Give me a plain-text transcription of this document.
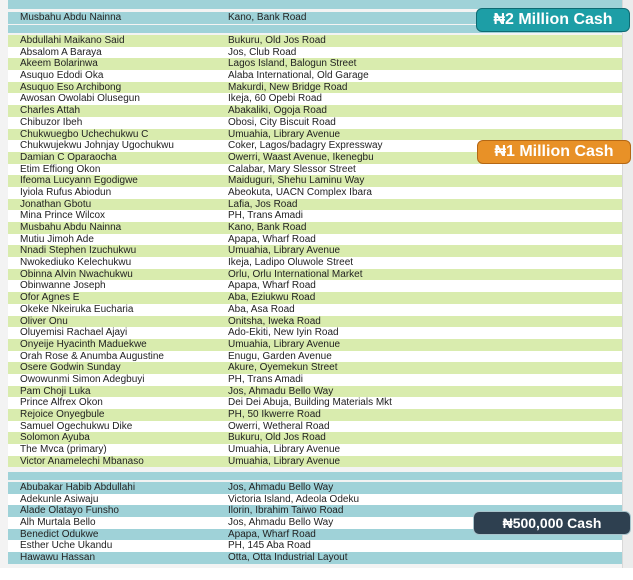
Musbahu Abdu Nainna	Kano, Bank Road
Abdullahi Maikano Said	Bukuru, Old Jos Road
Absalom A Baraya	Jos, Club Road
Akeem Bolarinwa	Lagos Island, Balogun Street
Asuquo Edodi Oka	Alaba International, Old Garage
Asuquo Eso Archibong	Makurdi, New Bridge Road
Awosan Owolabi Olusegun	Ikeja, 60 Opebi Road
Charles Attah	Abakaliki, Ogoja Road
Chibuzor Ibeh	Obosi, City Biscuit Road
Chukwuegbo Uchechukwu C	Umuahia, Library Avenue
Chukwujekwu Johnjay Ugochukwu	Coker, Lagos/badagry Expressway
Damian C Oparaocha	Owerri, Waast Avenue, Ikenegbu
Etim Effiong Okon	Calabar, Mary Slessor Street
Ifeoma Lucyann Egodigwe	Maiduguri, Shehu Laminu Way
Iyiola Rufus Abiodun	Abeokuta, UACN Complex Ibara
Jonathan Gbotu	Lafia, Jos Road
Mina Prince Wilcox	PH, Trans Amadi
Musbahu Abdu Nainna	Kano, Bank Road
Mutiu Jimoh Ade	Apapa, Wharf Road
Nnadi Stephen Izuchukwu	Umuahia, Library Avenue
Nwokediuko Kelechukwu	Ikeja, Ladipo Oluwole Street
Obinna Alvin Nwachukwu	Orlu, Orlu International Market
Obinwanne Joseph	Apapa, Wharf Road
Ofor Agnes E	Aba, Eziukwu Road
Okeke Nkeiruka Eucharia	Aba, Asa Road
Oliver Onu	Onitsha, Iweka Road
Oluyemisi Rachael Ajayi	Ado-Ekiti, New Iyin Road
Onyeije Hyacinth Maduekwe	Umuahia, Library Avenue
Orah Rose & Anumba Augustine	Enugu, Garden Avenue
Osere Godwin Sunday	Akure, Oyemekun Street
Owowunmi Simon Adegbuyi	PH, Trans Amadi
Pam Choji Luka	Jos, Ahmadu Bello Way
Prince Alfrex Okon	Dei Dei Abuja, Building Materials Mkt
Rejoice Onyegbule	PH, 50 Ikwerre Road
Samuel Ogechukwu Dike	Owerri, Wetheral Road
Solomon Ayuba	Bukuru, Old Jos Road
The Mvca (primary)	Umuahia, Library Avenue
Victor Anamelechi Mbanaso	Umuahia, Library Avenue
Abubakar Habib Abdullahi	Jos, Ahmadu Bello Way
Adekunle Asiwaju	Victoria Island, Adeola Odeku
Alade Olatayo Funsho	Ilorin, Ibrahim Taiwo Road
Alh Murtala Bello	Jos, Ahmadu Bello Way
Benedict Odukwe	Apapa, Wharf Road
Esther Uche Ukandu	PH, 145 Aba Road
Hawawu Hassan	Otta, Otta Industrial Layout
₦2 Million Cash
₦1 Million Cash
₦500,000 Cash
